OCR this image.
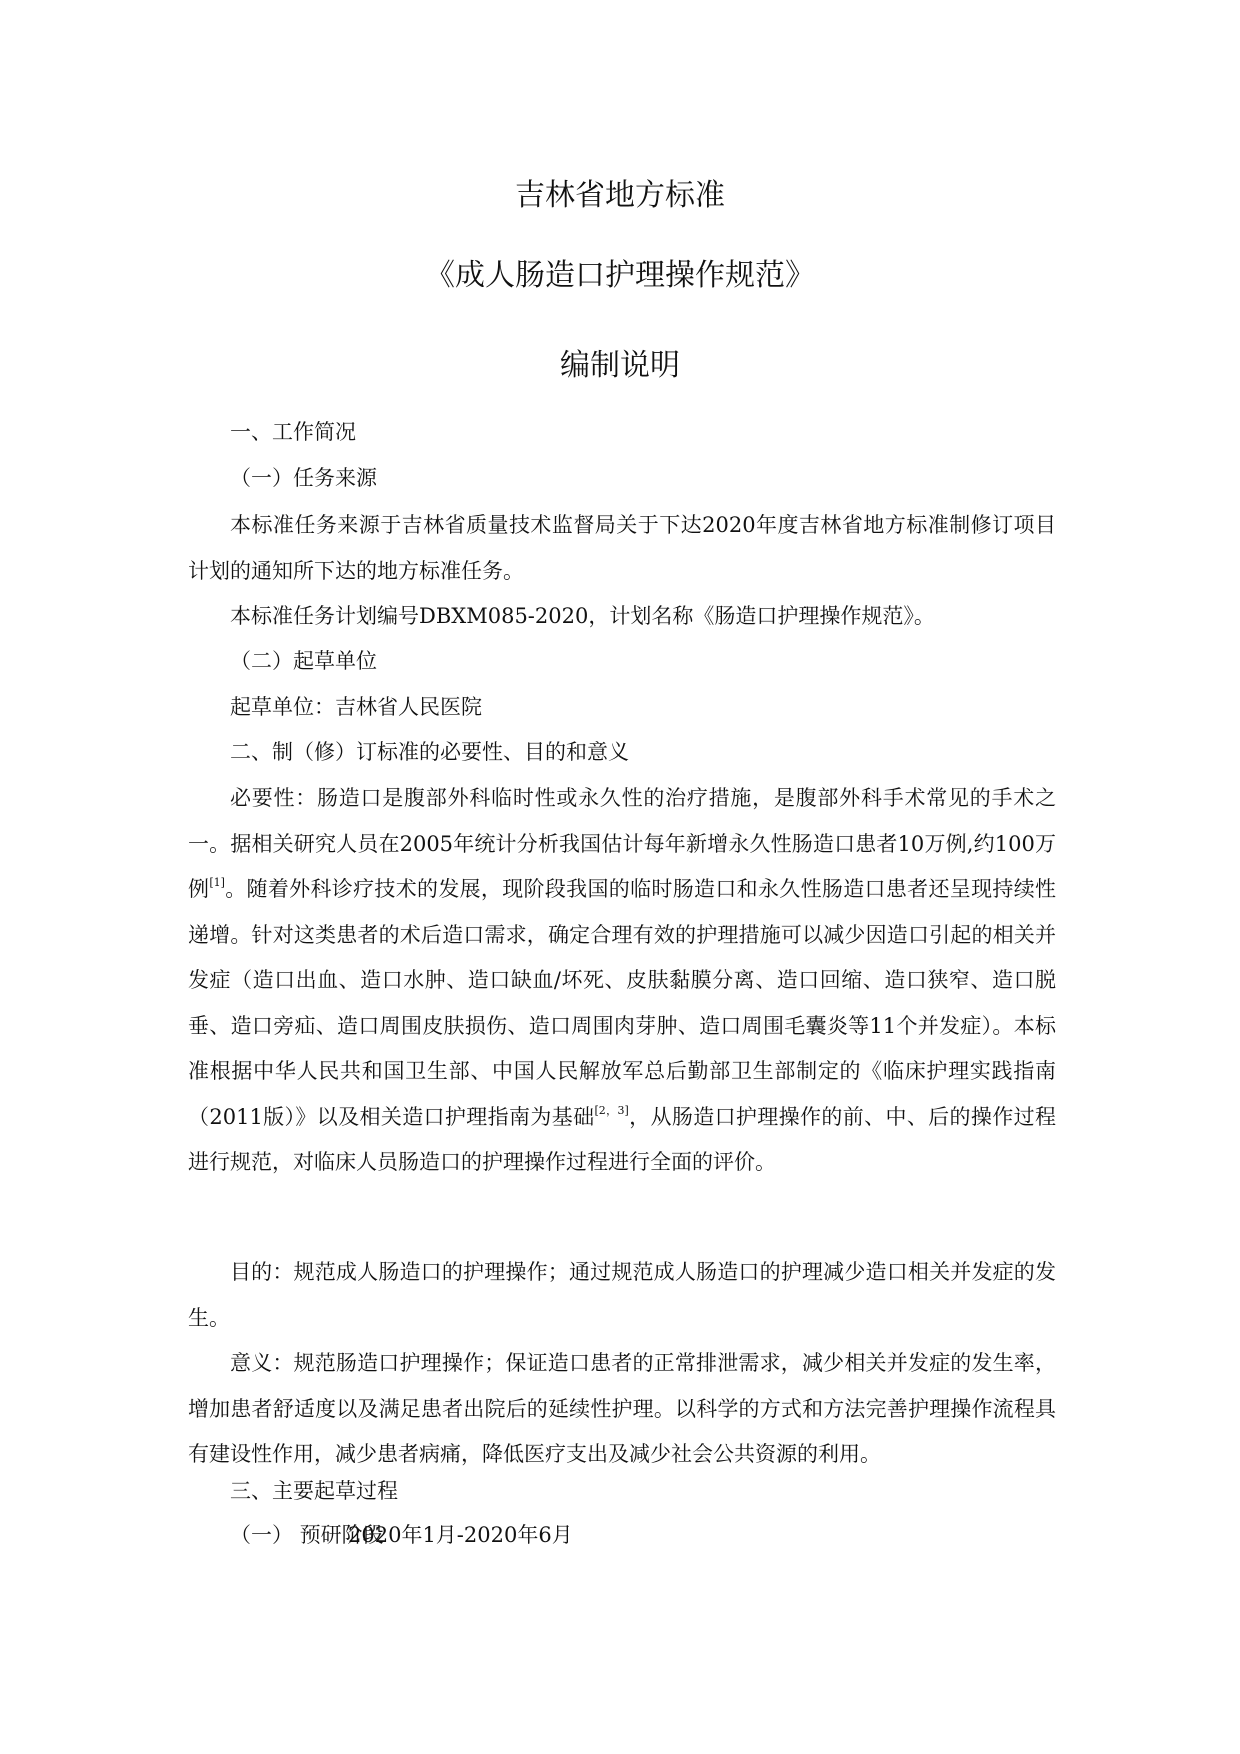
吉林省地方标准
《成人肠造口护理操作规范》
编制说明
一、工作简况
（一）任务来源

本标准任务来源于吉林省质量技术监督局关于下达2020年度吉林省地方标准制修订项目计划的通知所下达的地方标准任务。

本标准任务计划编号DBXM085-2020，计划名称《肠造口护理操作规范》。

（二）起草单位

起草单位：吉林省人民医院

二、制（修）订标准的必要性、目的和意义

必要性：肠造口是腹部外科临时性或永久性的治疗措施，是腹部外科手术常见的手术之一。据相关研究人员在2005年统计分析我国估计每年新增永久性肠造口患者10万例,约100万例[1]。随着外科诊疗技术的发展，现阶段我国的临时肠造口和永久性肠造口患者还呈现持续性递增。针对这类患者的术后造口需求，确定合理有效的护理措施可以减少因造口引起的相关并发症（造口出血、造口水肿、造口缺血/坏死、皮肤黏膜分离、造口回缩、造口狭窄、造口脱垂、造口旁疝、造口周围皮肤损伤、造口周围肉芽肿、造口周围毛囊炎等11个并发症）。本标准根据中华人民共和国卫生部、中国人民解放军总后勤部卫生部制定的《临床护理实践指南（2011版）》以及相关造口护理指南为基础[2，3]，从肠造口护理操作的前、中、后的操作过程进行规范，对临床人员肠造口的护理操作过程进行全面的评价。

目的：规范成人肠造口的护理操作；通过规范成人肠造口的护理减少造口相关并发症的发生。

意义：规范肠造口护理操作；保证造口患者的正常排泄需求，减少相关并发症的发生率，增加患者舒适度以及满足患者出院后的延续性护理。以科学的方式和方法完善护理操作流程具有建设性作用，减少患者病痛，降低医疗支出及减少社会公共资源的利用。

三、主要起草过程
（一） 预研阶段2020年1月-2020年6月
